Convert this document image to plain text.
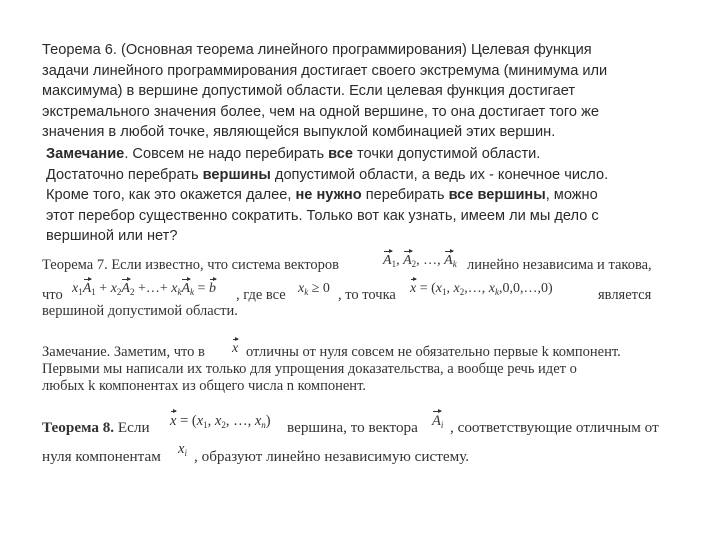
Теорема 6. (Основная теорема линейного программирования) Целевая функция
задачи линейного программирования достигает своего экстремума (минимума или
максимума) в вершине допустимой области. Если целевая функция достигает
экстремального значения более, чем на одной вершине, то она достигает того же
значения в любой точке, являющейся выпуклой комбинацией этих вершин.
Замечание. Совсем не надо перебирать все точки допустимой области.
Достаточно перебрать вершины допустимой области, а ведь их - конечное число.
Кроме того, как это окажется далее, не нужно перебирать все вершины, можно
этот перебор существенно сократить. Только вот как узнать, имеем ли мы дело с
вершиной или нет?
Теорема 7. Если известно, что система векторов	$A_1$, $A_2$, …, $A_k$ линейно независима и такова,
что $x_1A_1 + x_2A_2$ +…+ $x_kA_k = b$ , где все $x_k \ge 0$ , то точка $x = (x_1$, $x_2,\dots$, $x_k,0,0,\dots,0$)	является
вершиной допустимой области.
Замечание. Заметим, что в x отличны от нуля совсем не обязательно первые k компонент.
Первыми мы написали их только для упрощения доказательства, а вообще речь идет о
любых k компонентах из общего числа n компонент.
Теорема 8. Если $x = (x_1$, $x_2$, …, $x_n$) вершина, то вектора $A_i$ , соответствующие отличным от
нуля компонентам $x_i$ , образуют линейно независимую систему.
